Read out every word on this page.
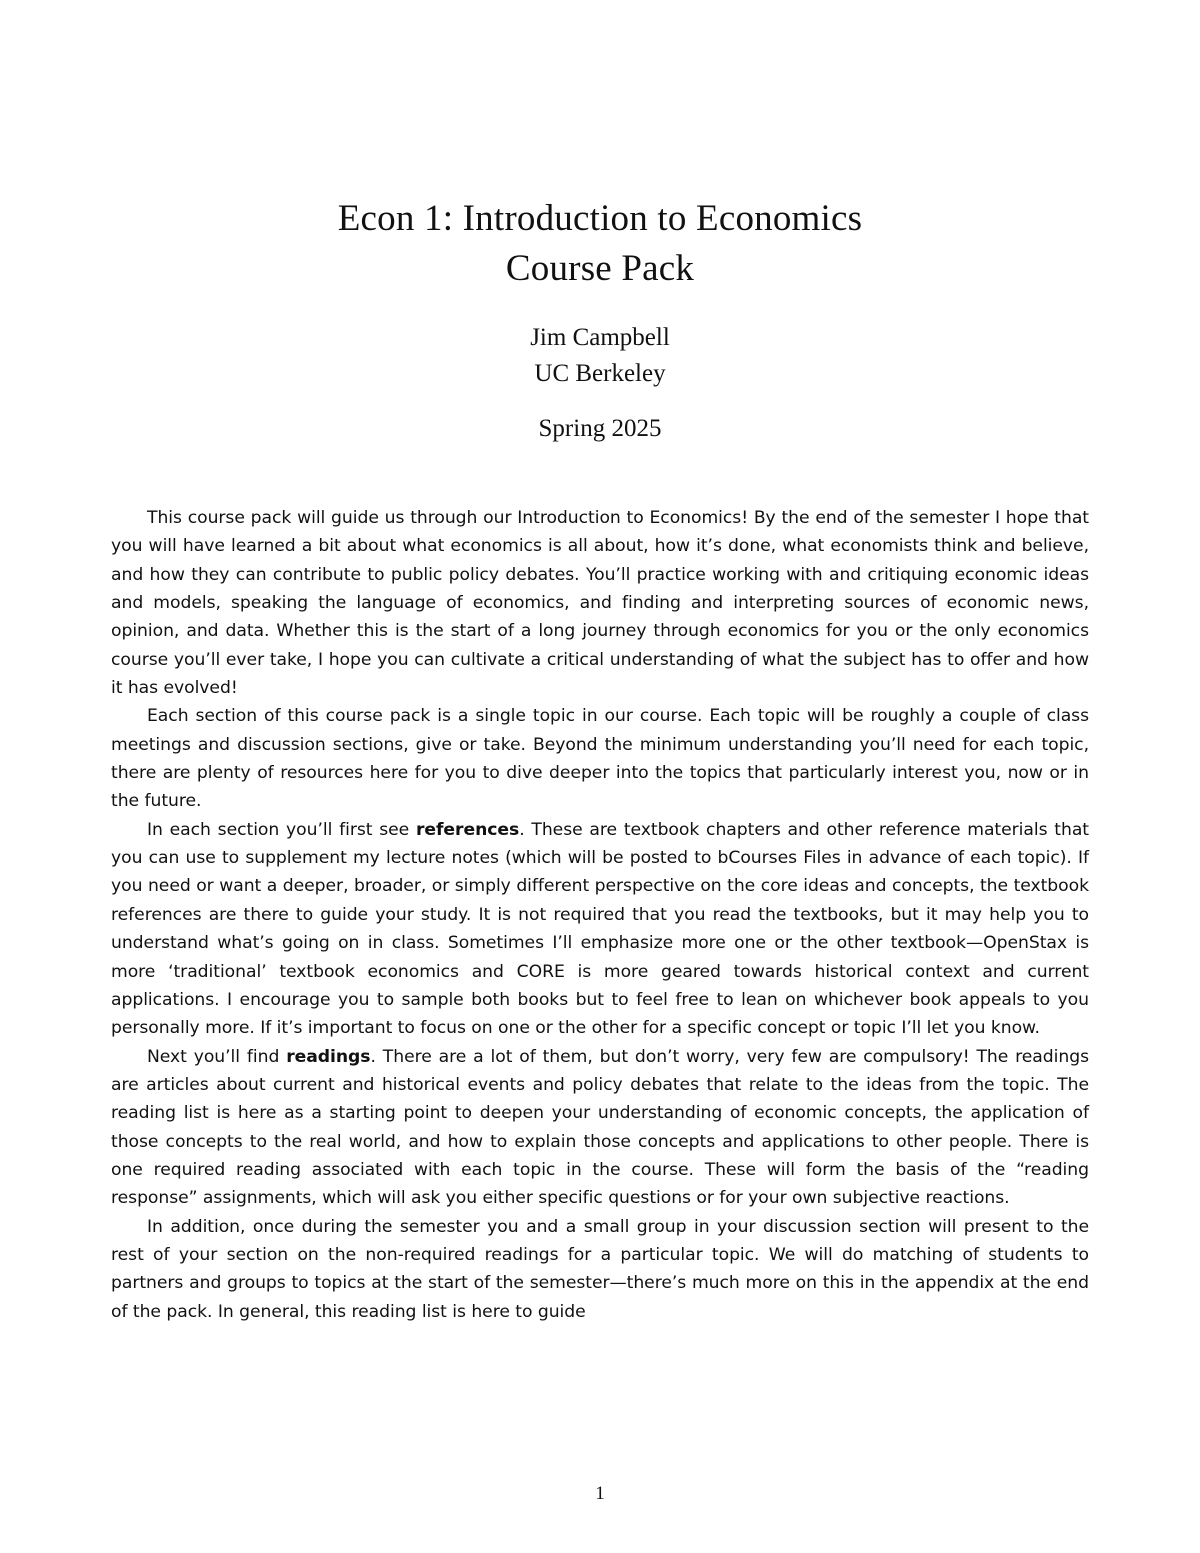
Econ 1: Introduction to Economics
Course Pack
Jim Campbell
UC Berkeley
Spring 2025

This course pack will guide us through our Introduction to Economics! By the end of the semester I hope that you will have learned a bit about what economics is all about, how it’s done, what economists think and believe, and how they can contribute to public policy debates. You’ll practice working with and critiquing economic ideas and models, speaking the language of economics, and finding and interpreting sources of economic news, opinion, and data. Whether this is the start of a long journey through economics for you or the only economics course you’ll ever take, I hope you can cultivate a critical understanding of what the subject has to offer and how it has evolved!

Each section of this course pack is a single topic in our course. Each topic will be roughly a couple of class meetings and discussion sections, give or take. Beyond the minimum understanding you’ll need for each topic, there are plenty of resources here for you to dive deeper into the topics that particularly interest you, now or in the future.

In each section you’ll first see references. These are textbook chapters and other reference materials that you can use to supplement my lecture notes (which will be posted to bCourses Files in advance of each topic). If you need or want a deeper, broader, or simply different perspective on the core ideas and concepts, the textbook references are there to guide your study. It is not required that you read the textbooks, but it may help you to understand what’s going on in class. Sometimes I’ll emphasize more one or the other textbook—OpenStax is more ‘traditional’ textbook economics and CORE is more geared towards historical context and current applications. I encourage you to sample both books but to feel free to lean on whichever book appeals to you personally more. If it’s important to focus on one or the other for a specific concept or topic I’ll let you know.

Next you’ll find readings. There are a lot of them, but don’t worry, very few are compulsory! The readings are articles about current and historical events and policy debates that relate to the ideas from the topic. The reading list is here as a starting point to deepen your understanding of economic concepts, the application of those concepts to the real world, and how to explain those concepts and applications to other people. There is one required reading associated with each topic in the course. These will form the basis of the “reading response” assignments, which will ask you either specific questions or for your own subjective reactions.

In addition, once during the semester you and a small group in your discussion section will present to the rest of your section on the non-required readings for a particular topic. We will do matching of students to partners and groups to topics at the start of the semester—there’s much more on this in the appendix at the end of the pack. In general, this reading list is here to guide

1
